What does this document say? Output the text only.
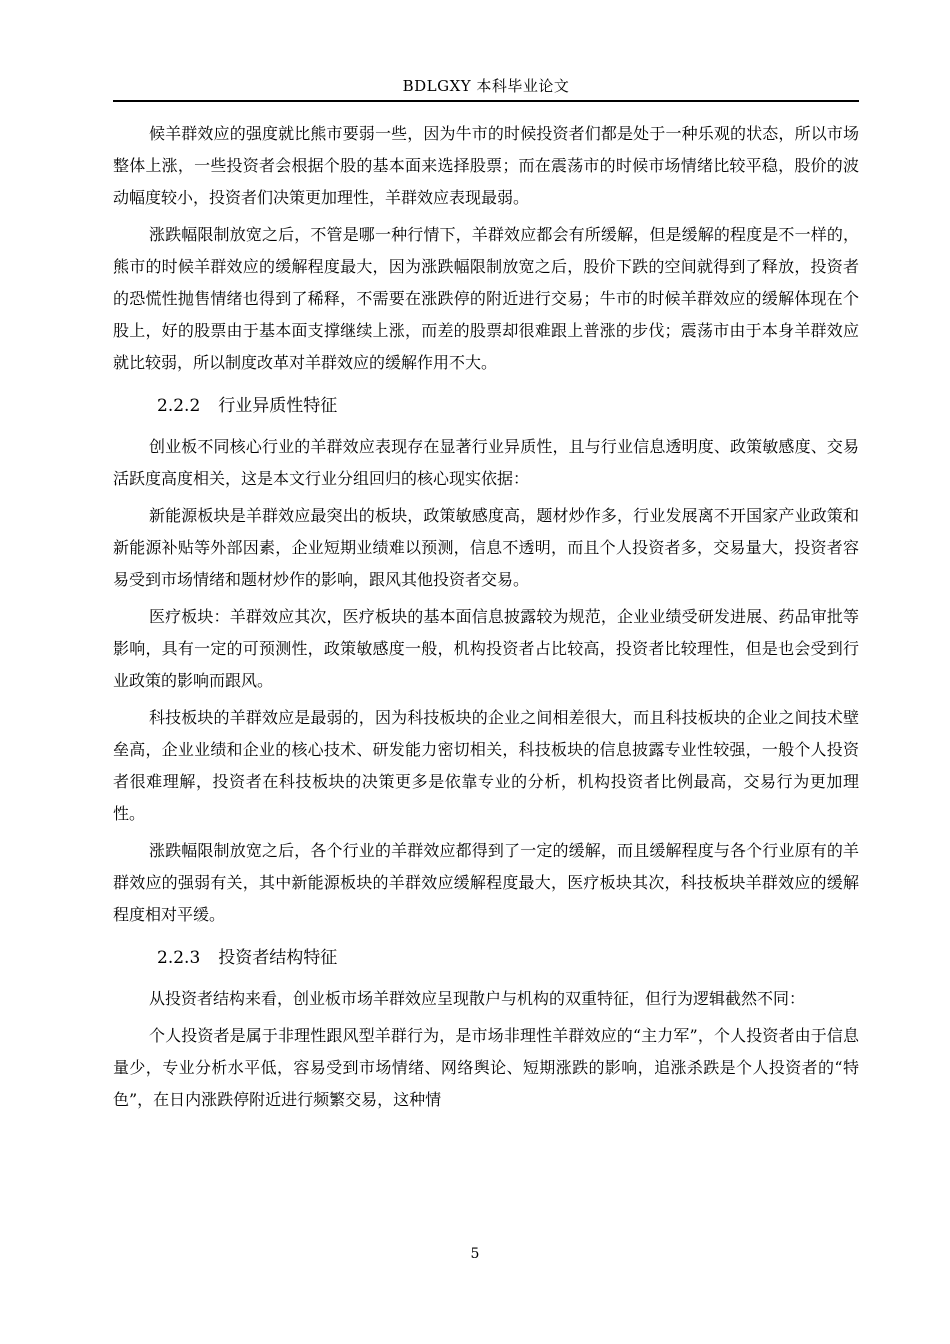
BDLGXY 本科毕业论文

候羊群效应的强度就比熊市要弱一些，因为牛市的时候投资者们都是处于一种乐观的状态，所以市场整体上涨，一些投资者会根据个股的基本面来选择股票；而在震荡市的时候市场情绪比较平稳，股价的波动幅度较小，投资者们决策更加理性，羊群效应表现最弱。

涨跌幅限制放宽之后，不管是哪一种行情下，羊群效应都会有所缓解，但是缓解的程度是不一样的，熊市的时候羊群效应的缓解程度最大，因为涨跌幅限制放宽之后，股价下跌的空间就得到了释放，投资者的恐慌性抛售情绪也得到了稀释，不需要在涨跌停的附近进行交易；牛市的时候羊群效应的缓解体现在个股上，好的股票由于基本面支撑继续上涨，而差的股票却很难跟上普涨的步伐；震荡市由于本身羊群效应就比较弱，所以制度改革对羊群效应的缓解作用不大。

2.2.2 行业异质性特征

创业板不同核心行业的羊群效应表现存在显著行业异质性，且与行业信息透明度、政策敏感度、交易活跃度高度相关，这是本文行业分组回归的核心现实依据：

新能源板块是羊群效应最突出的板块，政策敏感度高，题材炒作多，行业发展离不开国家产业政策和新能源补贴等外部因素，企业短期业绩难以预测，信息不透明，而且个人投资者多，交易量大，投资者容易受到市场情绪和题材炒作的影响，跟风其他投资者交易。

医疗板块：羊群效应其次，医疗板块的基本面信息披露较为规范，企业业绩受研发进展、药品审批等影响，具有一定的可预测性，政策敏感度一般，机构投资者占比较高，投资者比较理性，但是也会受到行业政策的影响而跟风。

科技板块的羊群效应是最弱的，因为科技板块的企业之间相差很大，而且科技板块的企业之间技术壁垒高，企业业绩和企业的核心技术、研发能力密切相关，科技板块的信息披露专业性较强，一般个人投资者很难理解，投资者在科技板块的决策更多是依靠专业的分析，机构投资者比例最高，交易行为更加理性。

涨跌幅限制放宽之后，各个行业的羊群效应都得到了一定的缓解，而且缓解程度与各个行业原有的羊群效应的强弱有关，其中新能源板块的羊群效应缓解程度最大，医疗板块其次，科技板块羊群效应的缓解程度相对平缓。

2.2.3 投资者结构特征

从投资者结构来看，创业板市场羊群效应呈现散户与机构的双重特征，但行为逻辑截然不同：

个人投资者是属于非理性跟风型羊群行为，是市场非理性羊群效应的“主力军”，个人投资者由于信息量少，专业分析水平低，容易受到市场情绪、网络舆论、短期涨跌的影响，追涨杀跌是个人投资者的“特色”，在日内涨跌停附近进行频繁交易，这种情

5
